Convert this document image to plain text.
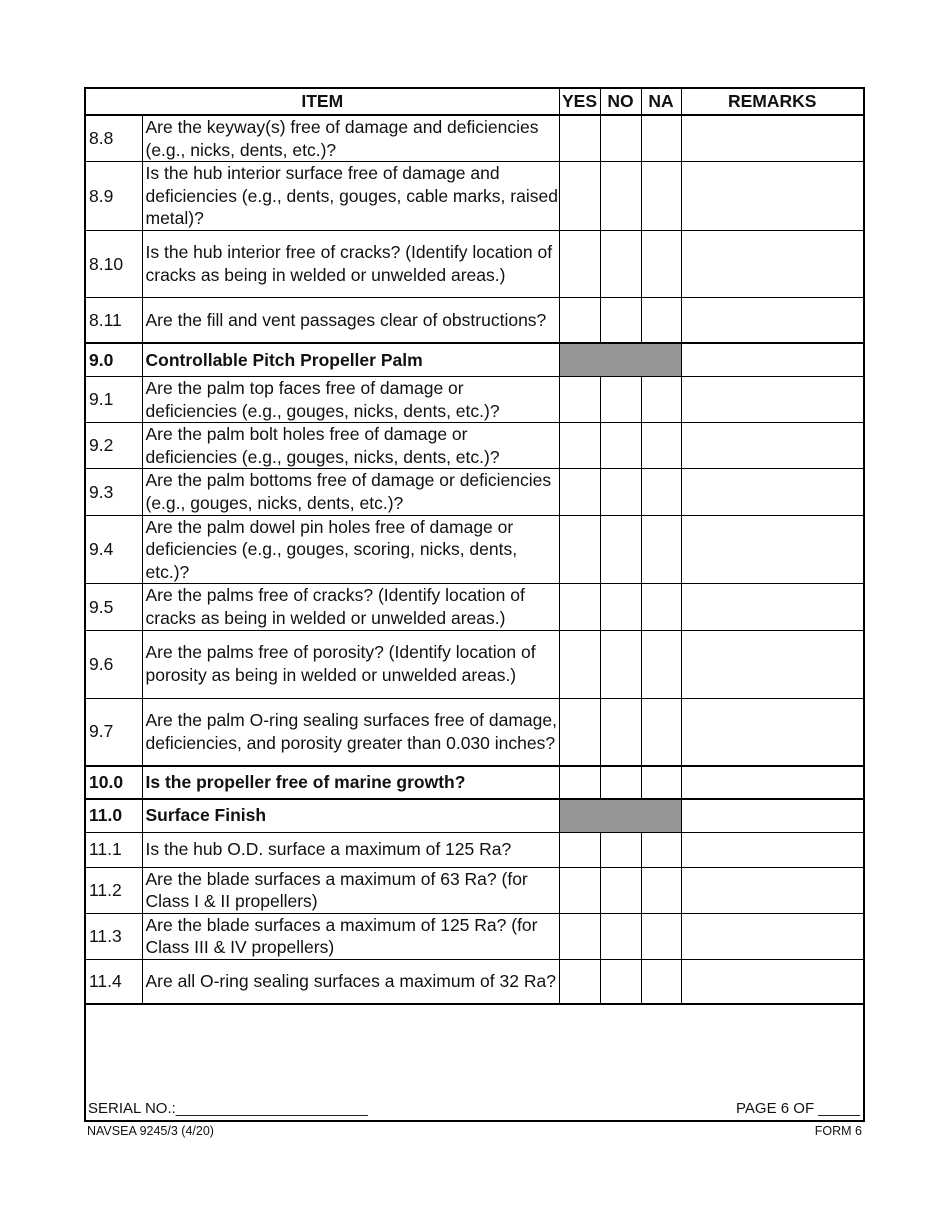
ITEM		YES	NO	NA	REMARKS
8.8	Are the keyway(s) free of damage and deficiencies (e.g., nicks, dents, etc.)?				
8.9	Is the hub interior surface free of damage and deficiencies (e.g., dents, gouges, cable marks, raised metal)?				
8.10	Is the hub interior free of cracks? (Identify location of cracks as being in welded or unwelded areas.)				
8.11	Are the fill and vent passages clear of obstructions?				
9.0	Controllable Pitch Propeller Palm				
9.1	Are the palm top faces free of damage or deficiencies (e.g., gouges, nicks, dents, etc.)?				
9.2	Are the palm bolt holes free of damage or deficiencies (e.g., gouges, nicks, dents, etc.)?				
9.3	Are the palm bottoms free of damage or deficiencies (e.g., gouges, nicks, dents, etc.)?				
9.4	Are the palm dowel pin holes free of damage or deficiencies (e.g., gouges, scoring, nicks, dents, etc.)?				
9.5	Are the palms free of cracks? (Identify location of cracks as being in welded or unwelded areas.)				
9.6	Are the palms free of porosity? (Identify location of porosity as being in welded or unwelded areas.)				
9.7	Are the palm O-ring sealing surfaces free of damage, deficiencies, and porosity greater than 0.030 inches?				
10.0	Is the propeller free of marine growth?				
11.0	Surface Finish				
11.1	Is the hub O.D. surface a maximum of 125 Ra?				
11.2	Are the blade surfaces a maximum of 63 Ra? (for Class I & II propellers)				
11.3	Are the blade surfaces a maximum of 125 Ra? (for Class III & IV propellers)				
11.4	Are all O-ring sealing surfaces a maximum of 32 Ra?				
SERIAL NO.:_______________________	PAGE 6 OF _____
NAVSEA 9245/3 (4/20)	FORM 6
